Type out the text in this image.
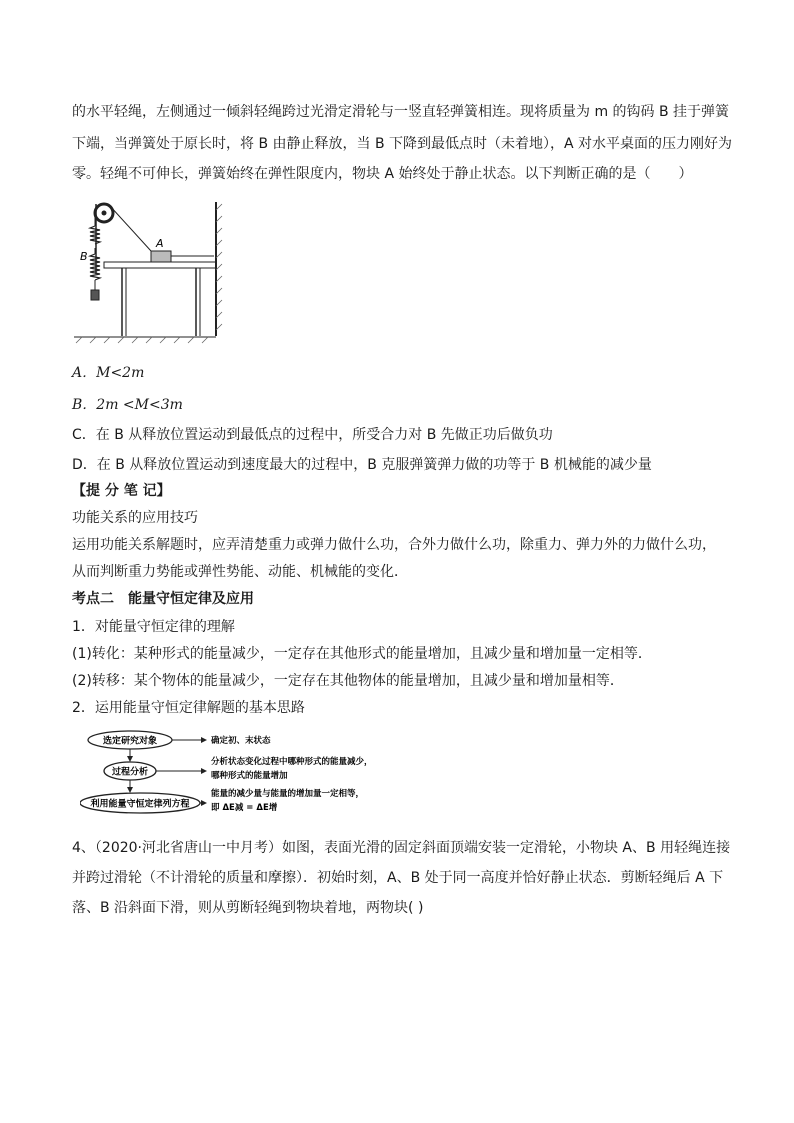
的水平轻绳，左侧通过一倾斜轻绳跨过光滑定滑轮与一竖直轻弹簧相连。现将质量为 m 的钩码 B 挂于弹簧
下端，当弹簧处于原长时，将 B 由静止释放，当 B 下降到最低点时（未着地），A 对水平桌面的压力刚好为
零。轻绳不可伸长，弹簧始终在弹性限度内，物块 A 始终处于静止状态。以下判断正确的是（　　）
B
A
A．M<2m
B．2m <M<3m
C．在 B 从释放位置运动到最低点的过程中，所受合力对 B 先做正功后做负功
D．在 B 从释放位置运动到速度最大的过程中，B 克服弹簧弹力做的功等于 B 机械能的减少量
【提 分 笔 记】
功能关系的应用技巧
运用功能关系解题时，应弄清楚重力或弹力做什么功，合外力做什么功，除重力、弹力外的力做什么功，
从而判断重力势能或弹性势能、动能、机械能的变化．
考点二　能量守恒定律及应用
1．对能量守恒定律的理解
(1)转化：某种形式的能量减少，一定存在其他形式的能量增加，且减少量和增加量一定相等．
(2)转移：某个物体的能量减少，一定存在其他物体的能量增加，且减少量和增加量相等．
2．运用能量守恒定律解题的基本思路
选定研究对象
过程分析
利用能量守恒定律列方程
确定初、末状态
分析状态变化过程中哪种形式的能量减少，
哪种形式的能量增加
能量的减少量与能量的增加量一定相等，
即 ΔE减 = ΔE增
4、（2020·河北省唐山一中月考）如图，表面光滑的固定斜面顶端安装一定滑轮，小物块 A、B 用轻绳连接
并跨过滑轮（不计滑轮的质量和摩擦）．初始时刻，A、B 处于同一高度并恰好静止状态．剪断轻绳后 A 下
落、B 沿斜面下滑，则从剪断轻绳到物块着地，两物块( )
